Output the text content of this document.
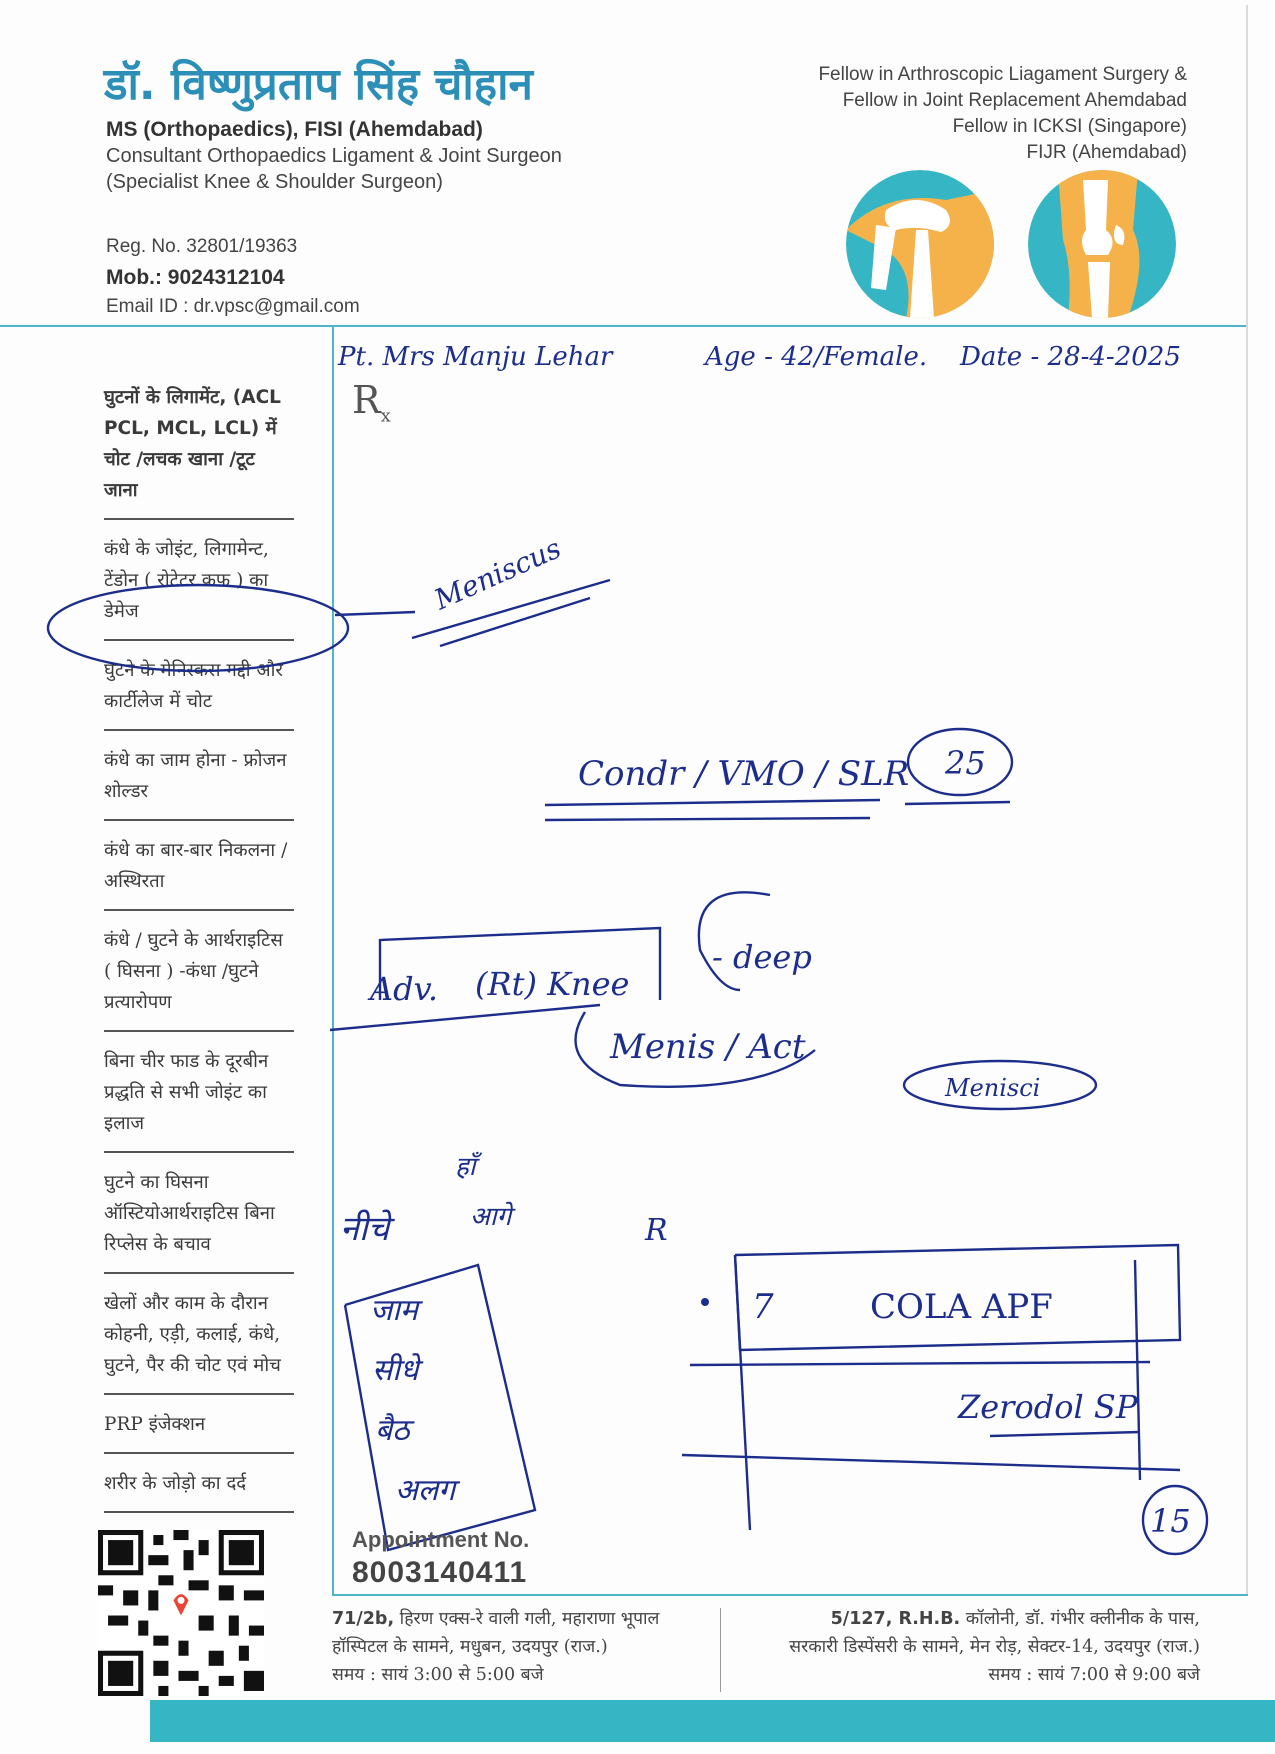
डॉ. विष्णुप्रताप सिंह चौहान
MS (Orthopaedics), FISI (Ahemdabad)
Consultant Orthopaedics Ligament & Joint Surgeon
(Specialist Knee & Shoulder Surgeon)
Reg. No. 32801/19363
Mob.: 9024312104
Email ID : dr.vpsc@gmail.com
Fellow in Arthroscopic Liagament Surgery &
Fellow in Joint Replacement Ahemdabad
Fellow in ICKSI (Singapore)
FIJR (Ahemdabad)
घुटनों के लिगामेंट, (ACL PCL, MCL, LCL) में चोट /लचक खाना /टूट जाना
कंधे के जोइंट, लिगामेन्ट, टेंडोन ( रोटेटर कफ ) का डेमेज
घुटने के मेनिस्कस गद्दी और कार्टीलेज में चोट
कंधे का जाम होना - फ्रोजन शोल्डर
कंधे का बार-बार निकलना / अस्थिरता
कंधे / घुटने के आर्थराइटिस ( घिसना ) -कंधा /घुटने प्रत्यारोपण
बिना चीर फाड के दूरबीन प्रद्धति से सभी जोइंट का इलाज
घुटने का घिसना ऑस्टियोआर्थराइटिस बिना रिप्लेस के बचाव
खेलों और काम के दौरान कोहनी, एड़ी, कलाई, कंधे, घुटने, पैर की चोट एवं मोच
PRP इंजेक्शन
शरीर के जोड़ो का दर्द
$R_x$
Pt. Mrs Manju Lehar	Age - 42/Female. Date - 28-4-2025
Meniscus
Condr / VMO / SLR 25
Adv. (Rt) Knee
Menis / Act
- deep
Menisci
नीचे
हाँ
आगे	R
जाम
सीधे
बैठ
अलग
7	COLA APF
Zerodol SP
15
Appointment No.
8003140411
71/2b, हिरण एक्स-रे वाली गली, महाराणा भूपाल
हॉस्पिटल के सामने, मधुबन, उदयपुर (राज.)
समय : सायं 3:00 से 5:00 बजे
5/127, R.H.B. कॉलोनी, डॉ. गंभीर क्लीनीक के पास,
सरकारी डिस्पेंसरी के सामने, मेन रोड़, सेक्टर-14, उदयपुर (राज.)
समय : सायं 7:00 से 9:00 बजे
